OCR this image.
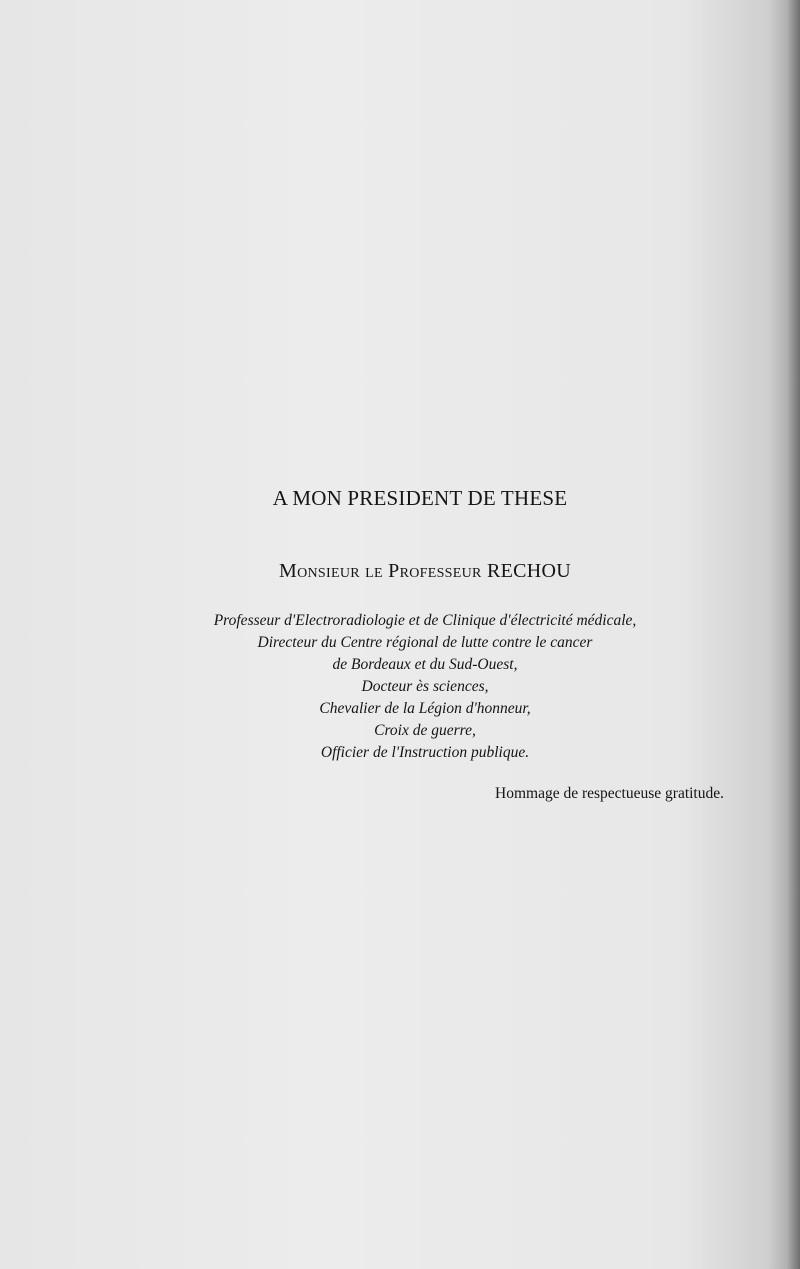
A MON PRESIDENT DE THESE
Monsieur le Professeur RECHOU
Professeur d'Electroradiologie et de Clinique d'électricité médicale,
Directeur du Centre régional de lutte contre le cancer
de Bordeaux et du Sud-Ouest,
Docteur ès sciences,
Chevalier de la Légion d'honneur,
Croix de guerre,
Officier de l'Instruction publique.
Hommage de respectueuse gratitude.
